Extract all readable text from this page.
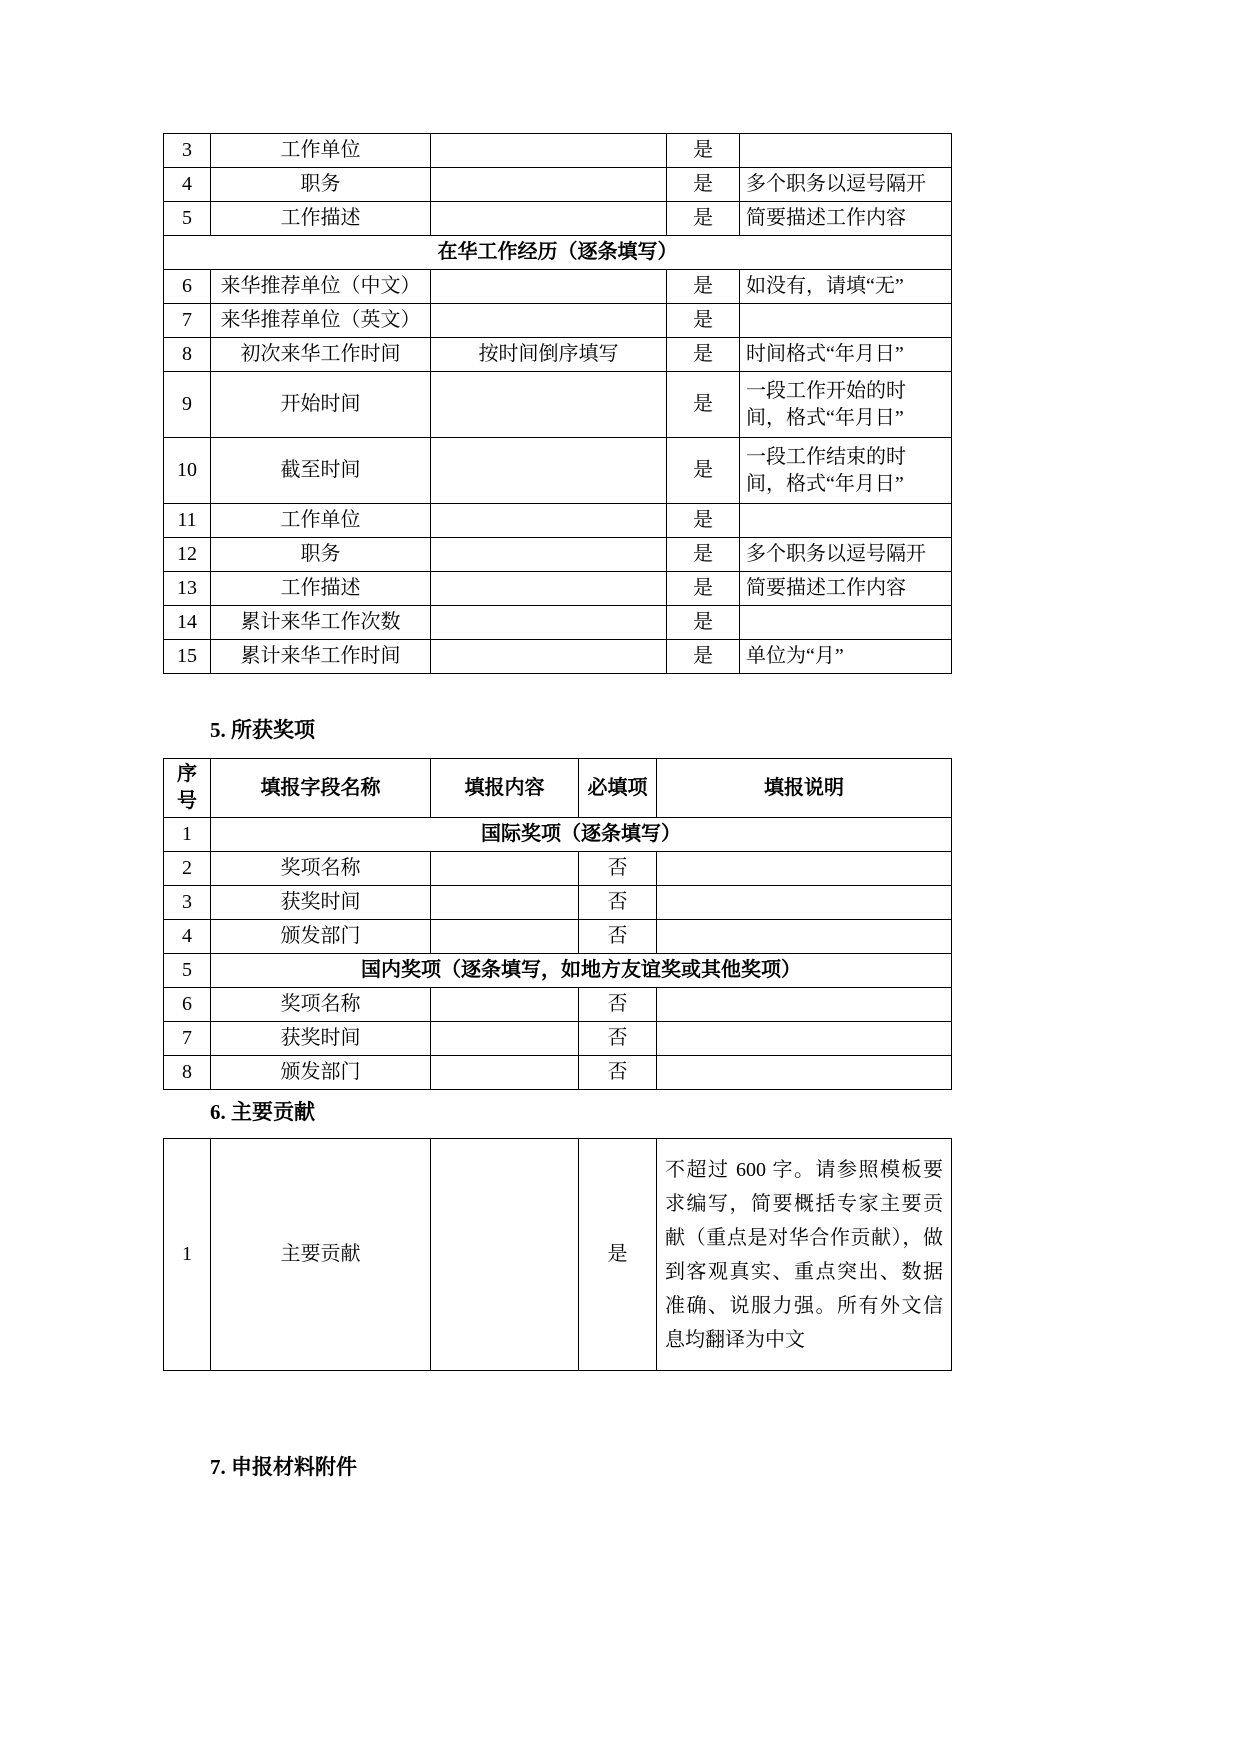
3	工作单位		是	
4	职务		是	多个职务以逗号隔开
5	工作描述		是	简要描述工作内容
在华工作经历（逐条填写）				
6	来华推荐单位（中文）		是	如没有，请填“无”
7	来华推荐单位（英文）		是	
8	初次来华工作时间	按时间倒序填写	是	时间格式“年月日”
9	开始时间		是	一段工作开始的时间，格式“年月日”
10	截至时间		是	一段工作结束的时间，格式“年月日”
11	工作单位		是	
12	职务		是	多个职务以逗号隔开
13	工作描述		是	简要描述工作内容
14	累计来华工作次数		是	
15	累计来华工作时间		是	单位为“月”
5. 所获奖项
序号	填报字段名称	填报内容	必填项	填报说明
1	国际奖项（逐条填写）			
2	奖项名称		否	
3	获奖时间		否	
4	颁发部门		否	
5	国内奖项（逐条填写，如地方友谊奖或其他奖项）			
6	奖项名称		否	
7	获奖时间		否	
8	颁发部门		否	
6. 主要贡献
1	主要贡献		是	不超过 600 字。请参照模板要求编写，简要概括专家主要贡献（重点是对华合作贡献），做到客观真实、重点突出、数据准确、说服力强。所有外文信息均翻译为中文
7. 申报材料附件
